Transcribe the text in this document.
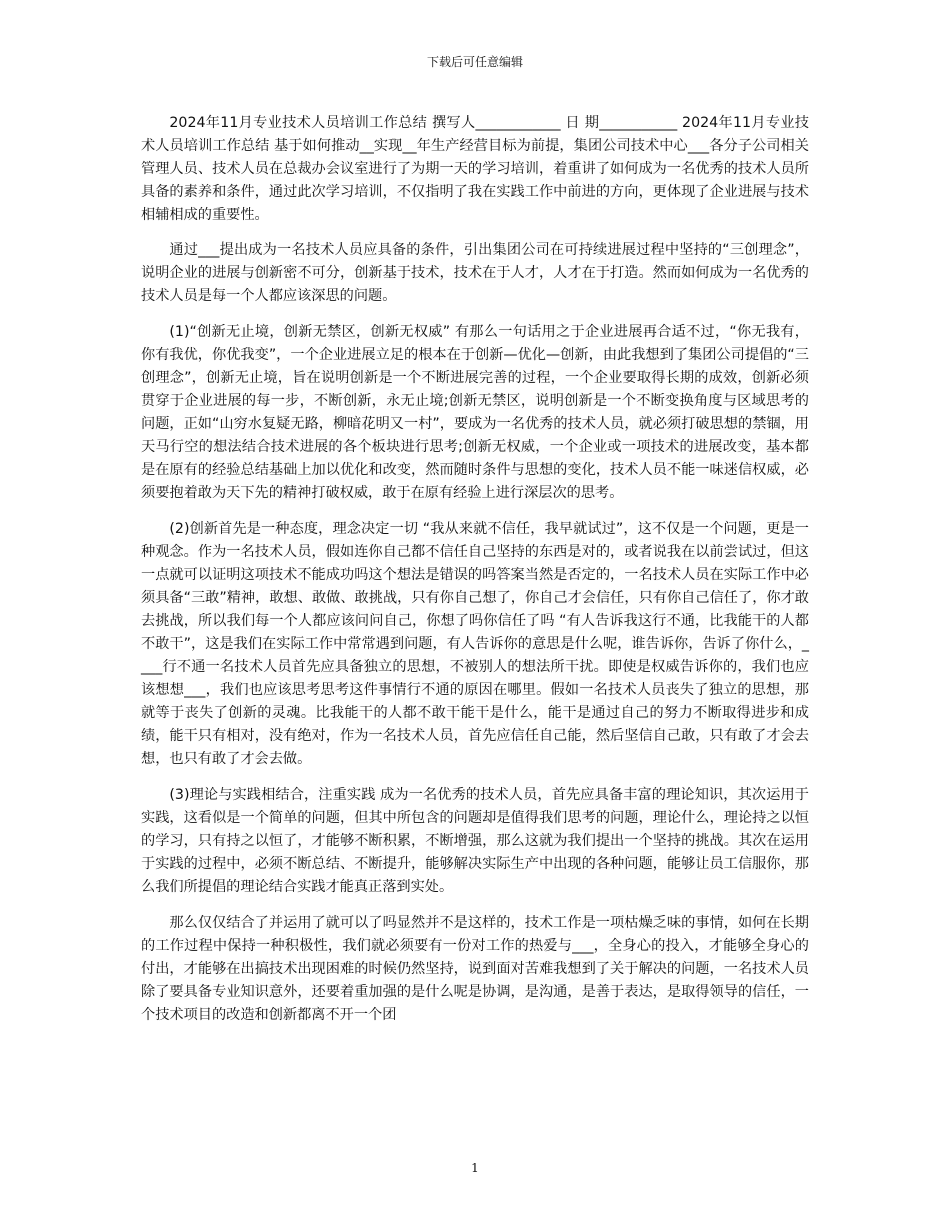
下载后可任意编辑

2024年11月专业技术人员培训工作总结 撰写人____________ 日 期___________ 2024年11月专业技术人员培训工作总结 基于如何推动__实现__年生产经营目标为前提，集团公司技术中心___各分子公司相关管理人员、技术人员在总裁办会议室进行了为期一天的学习培训，着重讲了如何成为一名优秀的技术人员所具备的素养和条件，通过此次学习培训，不仅指明了我在实践工作中前进的方向，更体现了企业进展与技术相辅相成的重要性。

通过___提出成为一名技术人员应具备的条件，引出集团公司在可持续进展过程中坚持的“三创理念”，说明企业的进展与创新密不可分，创新基于技术，技术在于人才，人才在于打造。然而如何成为一名优秀的技术人员是每一个人都应该深思的问题。

(1)“创新无止境，创新无禁区，创新无权威” 有那么一句话用之于企业进展再合适不过，“你无我有，你有我优，你优我变”，一个企业进展立足的根本在于创新—优化—创新，由此我想到了集团公司提倡的“三创理念”，创新无止境，旨在说明创新是一个不断进展完善的过程，一个企业要取得长期的成效，创新必须贯穿于企业进展的每一步，不断创新，永无止境;创新无禁区，说明创新是一个不断变换角度与区域思考的问题，正如“山穷水复疑无路，柳暗花明又一村”，要成为一名优秀的技术人员，就必须打破思想的禁锢，用天马行空的想法结合技术进展的各个板块进行思考;创新无权威，一个企业或一项技术的进展改变，基本都是在原有的经验总结基础上加以优化和改变，然而随时条件与思想的变化，技术人员不能一味迷信权威，必须要抱着敢为天下先的精神打破权威，敢于在原有经验上进行深层次的思考。

(2)创新首先是一种态度，理念决定一切 “我从来就不信任，我早就试过”，这不仅是一个问题，更是一种观念。作为一名技术人员，假如连你自己都不信任自己坚持的东西是对的，或者说我在以前尝试过，但这一点就可以证明这项技术不能成功吗这个想法是错误的吗答案当然是否定的，一名技术人员在实际工作中必须具备“三敢”精神，敢想、敢做、敢挑战，只有你自己想了，你自己才会信任，只有你自己信任了，你才敢去挑战，所以我们每一个人都应该问问自己，你想了吗你信任了吗 “有人告诉我这行不通，比我能干的人都不敢干”，这是我们在实际工作中常常遇到问题，有人告诉你的意思是什么呢，谁告诉你，告诉了你什么，____行不通一名技术人员首先应具备独立的思想，不被别人的想法所干扰。即使是权威告诉你的，我们也应该想想___，我们也应该思考思考这件事情行不通的原因在哪里。假如一名技术人员丧失了独立的思想，那就等于丧失了创新的灵魂。比我能干的人都不敢干能干是什么，能干是通过自己的努力不断取得进步和成绩，能干只有相对，没有绝对，作为一名技术人员，首先应信任自己能，然后坚信自己敢，只有敢了才会去想，也只有敢了才会去做。

(3)理论与实践相结合，注重实践 成为一名优秀的技术人员，首先应具备丰富的理论知识，其次运用于实践，这看似是一个简单的问题，但其中所包含的问题却是值得我们思考的问题，理论什么，理论持之以恒的学习，只有持之以恒了，才能够不断积累，不断增强，那么这就为我们提出一个坚持的挑战。其次在运用于实践的过程中，必须不断总结、不断提升，能够解决实际生产中出现的各种问题，能够让员工信服你，那么我们所提倡的理论结合实践才能真正落到实处。

那么仅仅结合了并运用了就可以了吗显然并不是这样的，技术工作是一项枯燥乏味的事情，如何在长期的工作过程中保持一种积极性，我们就必须要有一份对工作的热爱与___，全身心的投入，才能够全身心的付出，才能够在出搞技术出现困难的时候仍然坚持，说到面对苦难我想到了关于解决的问题，一名技术人员除了要具备专业知识意外，还要着重加强的是什么呢是协调，是沟通，是善于表达，是取得领导的信任，一个技术项目的改造和创新都离不开一个团

1
